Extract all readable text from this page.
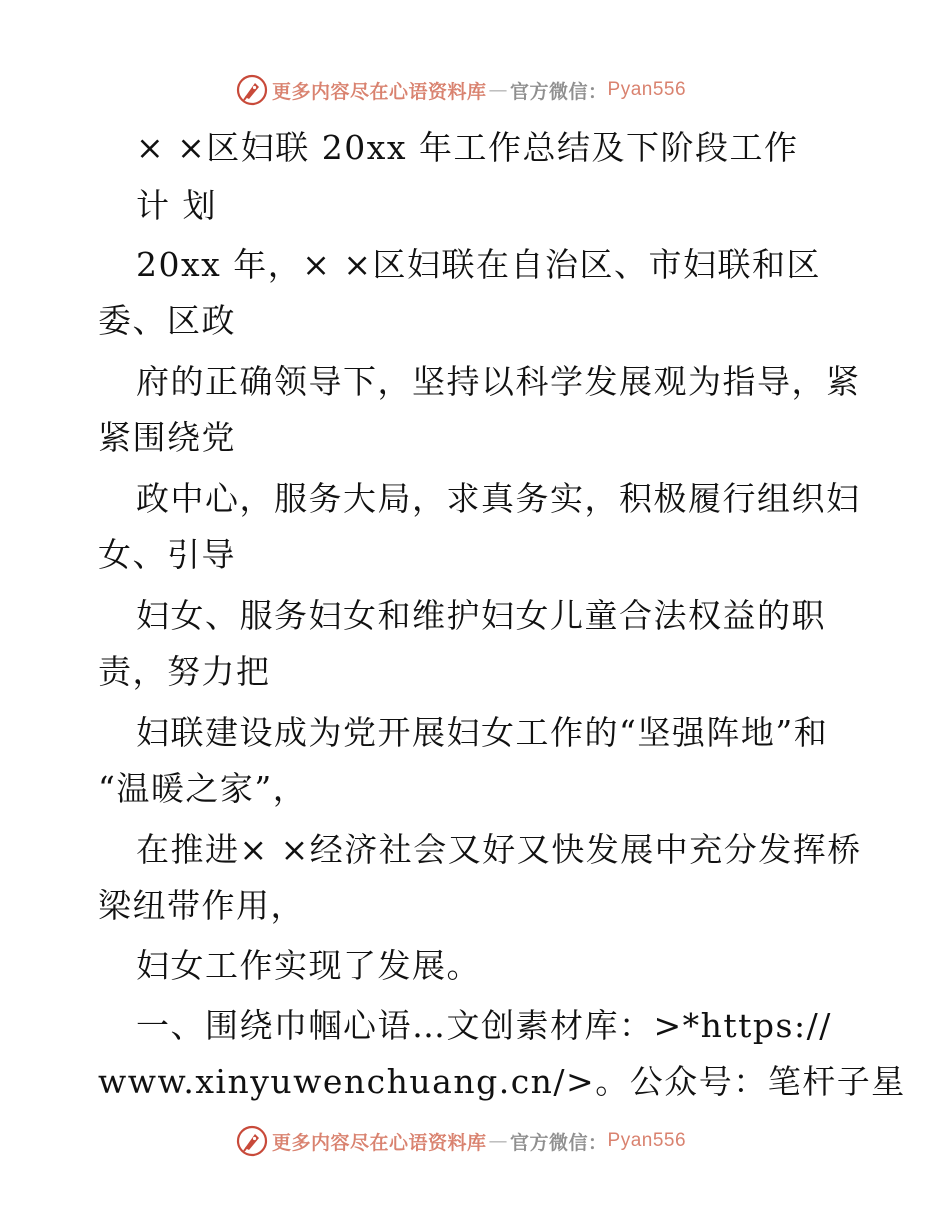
更多内容尽在心语资料库 — 官方微信： Pyan556
× ×区妇联 20xx 年工作总结及下阶段工作
计 划
20xx 年，× ×区妇联在自治区、市妇联和区
委、区政
府的正确领导下，坚持以科学发展观为指导，紧
紧围绕党
政中心，服务大局，求真务实，积极履行组织妇
女、引导
妇女、服务妇女和维护妇女儿童合法权益的职
责，努力把
妇联建设成为党开展妇女工作的“坚强阵地”和
“温暖之家”，
在推进× ×经济社会又好又快发展中充分发挥桥
梁纽带作用，
妇女工作实现了发展。
一、围绕巾帼心语…文创素材库：>*https://
www.xinyuwenchuang.cn/>。公众号：笔杆子星
更多内容尽在心语资料库 — 官方微信： Pyan556
